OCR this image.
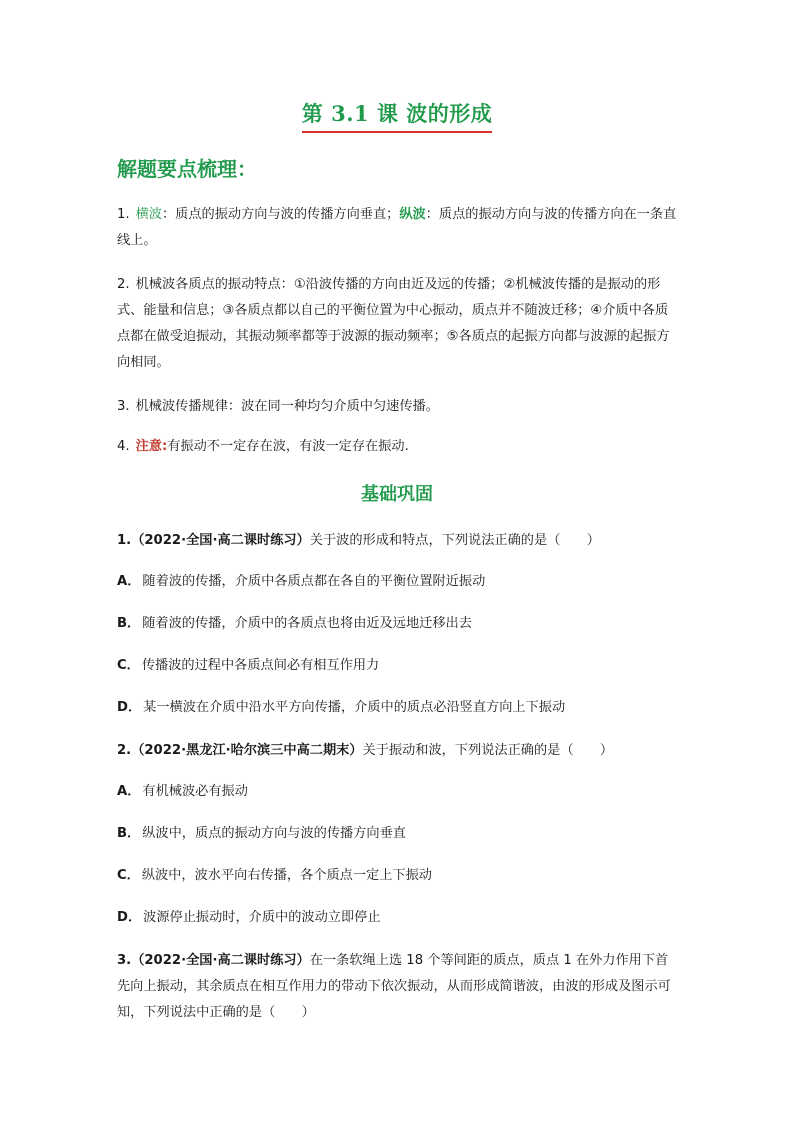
第 3.1 课 波的形成
解题要点梳理：
1. 横波：质点的振动方向与波的传播方向垂直；纵波：质点的振动方向与波的传播方向在一条直线上。
2. 机械波各质点的振动特点：①沿波传播的方向由近及远的传播；②机械波传播的是振动的形式、能量和信息；③各质点都以自己的平衡位置为中心振动，质点并不随波迁移；④介质中各质点都在做受迫振动，其振动频率都等于波源的振动频率；⑤各质点的起振方向都与波源的起振方向相同。
3. 机械波传播规律：波在同一种均匀介质中匀速传播。
4. 注意:有振动不一定存在波，有波一定存在振动.
基础巩固
1.（2022·全国·高二课时练习）关于波的形成和特点，下列说法正确的是（　　）
A． 随着波的传播，介质中各质点都在各自的平衡位置附近振动
B． 随着波的传播，介质中的各质点也将由近及远地迁移出去
C． 传播波的过程中各质点间必有相互作用力
D． 某一横波在介质中沿水平方向传播，介质中的质点必沿竖直方向上下振动
2.（2022·黑龙江·哈尔滨三中高二期末）关于振动和波，下列说法正确的是（　　）
A． 有机械波必有振动
B． 纵波中，质点的振动方向与波的传播方向垂直
C． 纵波中，波水平向右传播，各个质点一定上下振动
D． 波源停止振动时，介质中的波动立即停止
3.（2022·全国·高二课时练习）在一条软绳上选 18 个等间距的质点，质点 1 在外力作用下首先向上振动，其余质点在相互作用力的带动下依次振动，从而形成简谐波，由波的形成及图示可知，下列说法中正确的是（　　）
